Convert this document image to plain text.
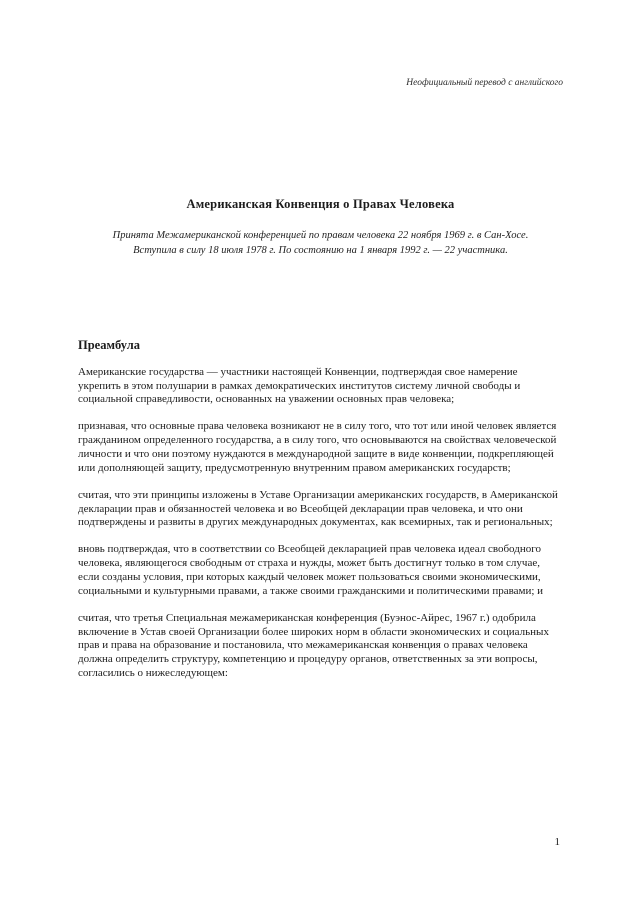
Неофициальный перевод с английского
Американская Конвенция о Правах Человека
Принята Межамериканской конференцией по правам человека 22 ноября 1969 г. в Сан-Хосе. Вступила в силу 18 июля 1978 г. По состоянию на 1 января 1992 г. — 22 участника.
Преамбула

Американские государства — участники настоящей Конвенции, подтверждая свое намерение укрепить в этом полушарии в рамках демократических институтов систему личной свободы и социальной справедливости, основанных на уважении основных прав человека;

признавая, что основные права человека возникают не в силу того, что тот или иной человек является гражданином определенного государства, а в силу того, что основываются на свойствах человеческой личности и что они поэтому нуждаются в международной защите в виде конвенции, подкрепляющей или дополняющей защиту, предусмотренную внутренним правом американских государств;

считая, что эти принципы изложены в Уставе Организации американских государств, в Американской декларации прав и обязанностей человека и во Всеобщей декларации прав человека, и что они подтверждены и развиты в других международных документах, как всемирных, так и региональных;

вновь подтверждая, что в соответствии со Всеобщей декларацией прав человека идеал свободного человека, являющегося свободным от страха и нужды, может быть достигнут только в том случае, если созданы условия, при которых каждый человек может пользоваться своими экономическими, социальными и культурными правами, а также своими гражданскими и политическими правами; и

считая, что третья Специальная межамериканская конференция (Буэнос-Айрес, 1967 г.) одобрила включение в Устав своей Организации более широких норм в области экономических и социальных прав и права на образование и постановила, что межамериканская конвенция о правах человека должна определить структуру, компетенцию и процедуру органов, ответственных за эти вопросы, согласились о нижеследующем:

1
